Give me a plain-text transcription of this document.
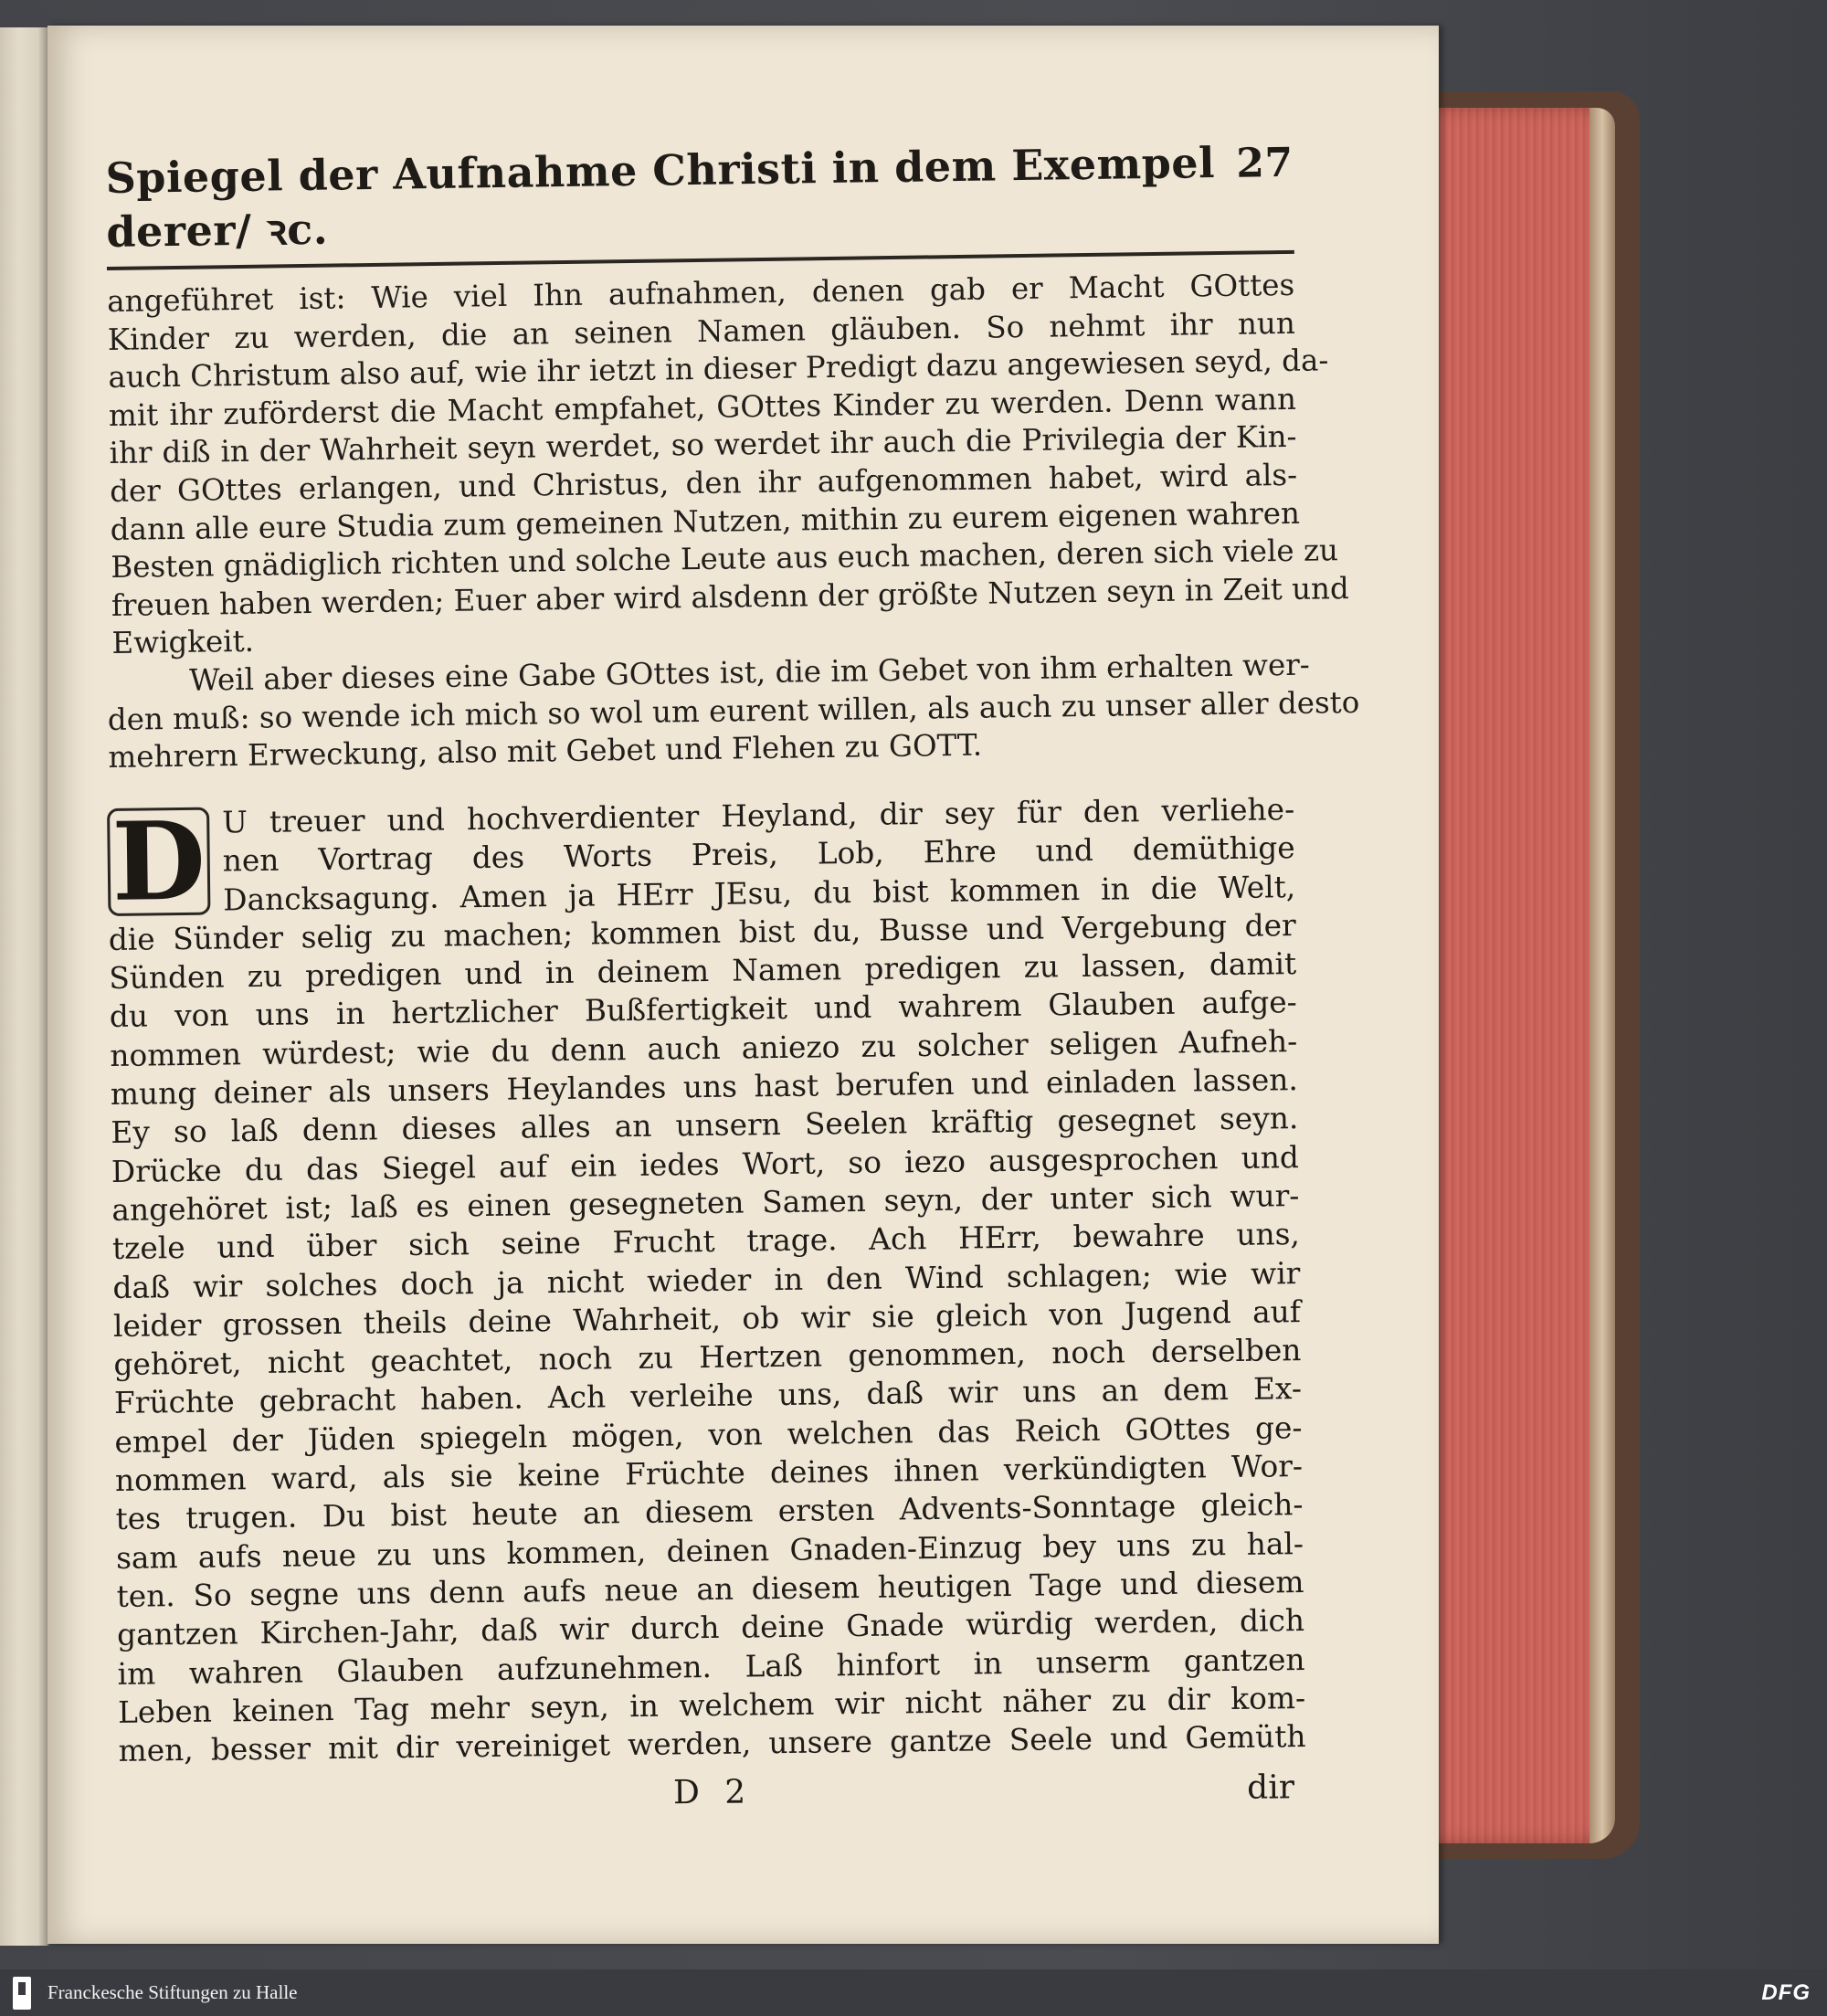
Spiegel der Aufnahme Christi in dem Exempel derer/ ꝛc.
27
angeführet ist: Wie viel Ihn aufnahmen, denen gab er Macht GOttes
Kinder zu werden, die an seinen Namen gläuben. So nehmt ihr nun
auch Christum also auf, wie ihr ietzt in dieser Predigt dazu angewiesen seyd, da-
mit ihr zuförderst die Macht empfahet, GOttes Kinder zu werden. Denn wann
ihr diß in der Wahrheit seyn werdet, so werdet ihr auch die Privilegia der Kin-
der GOttes erlangen, und Christus, den ihr aufgenommen habet, wird als-
dann alle eure Studia zum gemeinen Nutzen, mithin zu eurem eigenen wahren
Besten gnädiglich richten und solche Leute aus euch machen, deren sich viele zu
freuen haben werden; Euer aber wird alsdenn der größte Nutzen seyn in Zeit und
Ewigkeit.
Weil aber dieses eine Gabe GOttes ist, die im Gebet von ihm erhalten wer-
den muß: so wende ich mich so wol um eurent willen, als auch zu unser aller desto
mehrern Erweckung, also mit Gebet und Flehen zu GOTT.
D U treuer und hochverdienter Heyland, dir sey für den verliehe-
nen Vortrag des Worts Preis, Lob, Ehre und demüthige
Dancksagung. Amen ja HErr JEsu, du bist kommen in die Welt,
die Sünder selig zu machen; kommen bist du, Busse und Vergebung der
Sünden zu predigen und in deinem Namen predigen zu lassen, damit
du von uns in hertzlicher Bußfertigkeit und wahrem Glauben aufge-
nommen würdest; wie du denn auch aniezo zu solcher seligen Aufneh-
mung deiner als unsers Heylandes uns hast berufen und einladen lassen.
Ey so laß denn dieses alles an unsern Seelen kräftig gesegnet seyn.
Drücke du das Siegel auf ein iedes Wort, so iezo ausgesprochen und
angehöret ist; laß es einen gesegneten Samen seyn, der unter sich wur-
tzele und über sich seine Frucht trage. Ach HErr, bewahre uns,
daß wir solches doch ja nicht wieder in den Wind schlagen; wie wir
leider grossen theils deine Wahrheit, ob wir sie gleich von Jugend auf
gehöret, nicht geachtet, noch zu Hertzen genommen, noch derselben
Früchte gebracht haben. Ach verleihe uns, daß wir uns an dem Ex-
empel der Jüden spiegeln mögen, von welchen das Reich GOttes ge-
nommen ward, als sie keine Früchte deines ihnen verkündigten Wor-
tes trugen. Du bist heute an diesem ersten Advents-Sonntage gleich-
sam aufs neue zu uns kommen, deinen Gnaden-Einzug bey uns zu hal-
ten. So segne uns denn aufs neue an diesem heutigen Tage und diesem
gantzen Kirchen-Jahr, daß wir durch deine Gnade würdig werden, dich
im wahren Glauben aufzunehmen. Laß hinfort in unserm gantzen
Leben keinen Tag mehr seyn, in welchem wir nicht näher zu dir kom-
men, besser mit dir vereiniget werden, unsere gantze Seele und Gemüth
D 2	dir
Franckesche Stiftungen zu Halle	DFG
